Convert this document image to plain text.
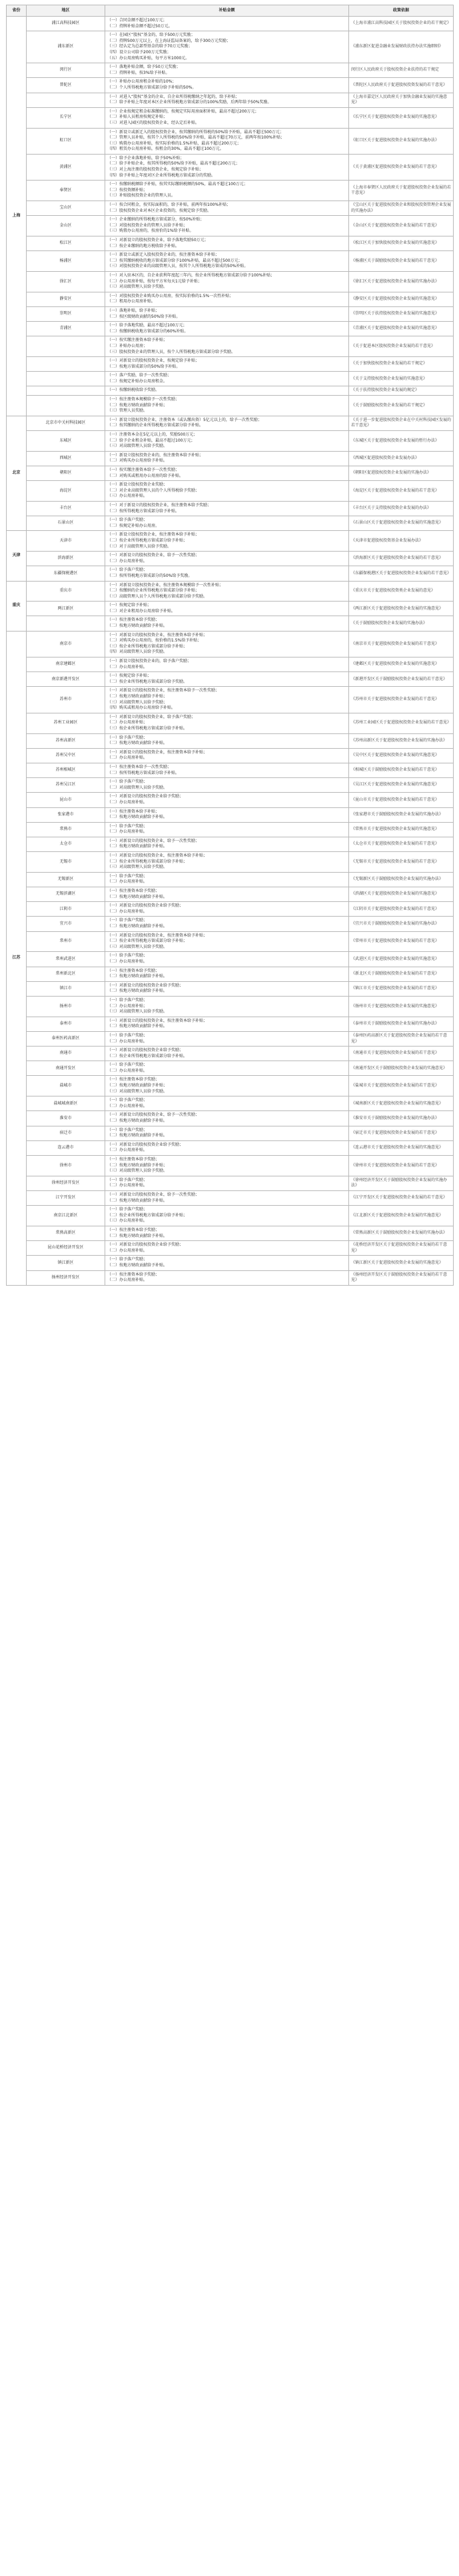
省份	地区	补贴金额	政策依据
上海	浦江高科技园区	（一）合同金额不超过100万元；
（二）持牌补贴金额不超过50万元。	《上海市浦江高科技园区关于股权投资企业的若干规定》
	浦东新区	（一）在园区“股权”基金的，给予500万元奖励；
（二）持牌500万元以上，在上海证监局备案的，给予300万元奖励；
（三）经认定为总部型基金的给予70万元奖励；
（四）设立公司给予200万元奖励；
（五）办公用房购买补贴，每平方米1000元。	《浦东新区促进金融业发展财政扶持办法实施细则》
	闵行区	（一）落地补贴金额，给予50万元奖励；
（二）持牌补贴，按3%给予补贴。	闵行区人民政府关于股权投资企业扶持的若干规定
	普陀区	（一）补贴办公用房租金补贴的10%；
（二）个人所得税地方留成部分给予补贴的50%。	《普陀区人民政府关于促进股权投资发展的若干意见》

		（一）对进入“股权”基金的企业，自企业所得税缴纳之年起的，给予补贴；
（二）给予补贴上年度对本区企业所得税地方留成部分的100%奖励，后两年给予50%奖励。	《上海市嘉定区人民政府关于加快金融业发展的实施意见》
	长宁区	（一）企业按规定租金标准缴纳的，按规定实际用房面积补贴，最高不超过200万元；
（二）补贴人员租房按规定补贴；
（三）对进入园区的股权投资企业，经认定后补贴。	《长宁区关于促进股权投资企业发展的实施意见》
	虹口区	（一）新设立或新迁入的股权投资企业，按其缴纳的所得税的50%给予补贴，最高不超过500万元；
（二）管理人员补贴，按其个人所得税的50%给予补贴，最高不超过70万元，前两年按100%补贴；
（三）购置办公用房补贴，按实际价格的1.5%补贴，最高不超过200万元；
（四）租赁办公用房补贴，按租金的30%，最高不超过100万元。	《虹口区关于促进股权投资企业发展的实施办法》
	黄浦区	（一）给予企业落地补贴，给予50%补贴；
（二）给予补贴企业，按其所得税的50%给予补贴，最高不超过200万元；
（三）对上海注册的股权投资企业，按规定给予补贴；
（四）给予补贴上年度对区企业所得税地方留成部分的奖励。	《关于黄浦区促进股权投资企业发展的若干意见》
	奉贤区	（一）按缴纳税额给予补贴，按其实际缴纳税额的50%，最高不超过100万元；
（二）按投资额补贴；
（三）补贴股权投资企业的管理人员。	《上海市奉贤区人民政府关于促进股权投资企业发展的若干意见》
	宝山区	（一）按合同租金，按实际面积的，给予补贴，前两年按100%补贴；
（二）股权投资企业对本区企业投资的，按规定给予奖励。	《宝山区关于促进股权投资企业和股权投资管理企业发展的实施办法》
	金山区	（一）企业缴纳的所得税地方留成部分，按50%补贴；
（二）对股权投资企业的管理人员给予补贴；
（三）购置办公用房的，按房价的1%给予补贴。	《金山区关于促进股权投资企业发展的若干意见》
	松江区	（一）对新设立的股权投资企业，给予落地奖励50万元；
（二）按企业缴纳的地方税收给予补贴。	《松江区关于加快股权投资企业发展的实施意见》
	杨浦区	（一）新设立或新迁入股权投资企业的，按注册资本给予补贴；
（二）按其缴纳税收的地方留成部分给予100%补贴，最高不超过500万元；
（三）对股权投资企业的高级管理人员，按其个人所得税地方留成的50%补贴。	《杨浦区关于鼓励股权投资企业发展的若干意见》
	徐汇区	（一）对入驻本区的，自企业获利年度起三年内，按企业所得税地方留成部分给予100%补贴；
（二）办公用房补贴，按每平方米每天1元给予补贴；
（三）对高级管理人员给予奖励。	《徐汇区关于促进股权投资企业发展的实施办法》
	静安区	（一）对股权投资企业购买办公用房，按实际价格的1.5%一次性补贴；
（二）租用办公用房补贴。	《静安区关于促进股权投资企业发展的实施意见》
	崇明区	（一）落地补贴，给予补贴；
（二）按区级财政贡献的50%给予补贴。	《崇明区关于扶持股权投资企业发展的实施意见》
	青浦区	（一）给予落地奖励，最高不超过100万元；
（二）按缴纳税收地方留成部分的60%补贴。	《青浦区关于促进股权投资企业发展的实施意见》

		（一）按实缴注册资本给予补贴；
（二）补贴办公用房；
（三）股权投资企业的管理人员，按个人所得税地方留成部分给予奖励。	《关于促进本区股权投资企业发展的若干意见》

		（一）对新设立的股权投资企业，按规定给予补贴；
（二）按地方留成部分的50%给予补贴。	《关于加快股权投资企业发展的若干规定》

		（一）落户奖励，给予一次性奖励；
（二）按规定补贴办公用房租金。	《关于支持股权投资企业发展的实施意见》

		（一）按缴纳税收给予奖励。	《关于扶持股权投资企业发展的规定》

		（一）按注册资本规模给予一次性奖励；
（二）按地方财政贡献给予补贴；
（三）管理人员奖励。	《关于鼓励股权投资企业发展的若干规定》
北京	北京市中关村科技园区	（一）新设立股权投资企业，注册资本（或认缴出资）5亿元以上的，给予一次性奖励；
（二）按其缴纳的企业所得税地方留成部分给予补贴。	《关于进一步促进股权投资企业在中关村科技园区发展的若干意见》
	东城区	（一）注册资本金在5亿元以上的，奖励500万元；
（二）给予企业租金补贴，最高不超过100万元；
（三）对高级管理人员给予奖励。	《东城区关于促进股权投资企业发展的暂行办法》
	西城区	（一）新设立股权投资企业的，按注册资本给予补贴；
（二）对购买办公用房给予补贴。	《西城区促进股权投资企业发展办法》
	朝阳区	（一）按实缴注册资本给予一次性奖励；
（二）对购买或租用办公用房的给予补贴。	《朝阳区促进股权投资企业发展的实施办法》
	海淀区	（一）新设立股权投资企业奖励；
（二）对企业高级管理人员的个人所得税给予奖励；
（三）办公用房补贴。	《海淀区关于促进股权投资企业发展的若干意见》
	丰台区	（一）对于新设立的股权投资企业，按注册资本给予奖励；
（二）按所得税地方留成部分给予补贴。	《丰台区关于支持股权投资企业发展的办法》
	石景山区	（一）给予落户奖励；
（二）按规定补贴办公用房。	《石景山区关于促进股权投资企业发展的实施意见》
天津	天津市	（一）新设立股权投资企业，按注册资本给予补贴；
（二）按企业所得税地方留成部分给予补贴；
（三）对于高级管理人员给予奖励。	《天津市促进股权投资基金业发展办法》
	滨海新区	（一）对新设立的股权投资企业，给予一次性奖励；
（二）办公用房补贴。	《滨海新区关于促进股权投资企业发展的若干意见》
	东疆保税港区	（一）给予落户奖励；
（二）按所得税地方留成部分的50%给予奖励。	《东疆保税港区关于促进股权投资企业发展的若干意见》
重庆	重庆市	（一）对新设立股权投资企业，按注册资本规模给予一次性补贴；
（二）按缴纳的企业所得税地方留成部分给予补贴；
（三）高级管理人员个人所得税地方留成部分给予奖励。	《重庆市关于促进股权投资类企业发展的意见》
	两江新区	（一）按规定给予补贴；
（二）对企业租用办公用房给予补贴。	《两江新区关于促进股权投资企业发展的实施意见》

		（一）按注册资本给予奖励；
（二）按地方财政贡献给予补贴。	《关于鼓励股权投资企业发展的实施办法》
江苏	南京市	（一）对新设立的股权投资企业，按注册资本给予补贴；
（二）对购买办公用房的，按价格的1.5%给予补贴；
（三）按企业所得税地方留成部分给予补贴；
（四）对高级管理人员给予奖励。	《南京市关于促进股权投资企业发展的若干意见》
	南京建邺区	（一）新设立股权投资企业的，给予落户奖励；
（二）办公用房补贴。	《建邺区关于促进股权投资企业发展的实施意见》
	南京新港开发区	（一）按规定给予补贴；
（二）按企业所得税地方留成部分给予奖励。	《新港开发区关于鼓励股权投资企业发展的若干意见》
	苏州市	（一）对新设立的股权投资企业，按注册资本给予一次性奖励；
（二）按地方财政贡献给予补贴；
（三）对高级管理人员给予奖励；
（四）购买或租用办公用房给予补贴。	《苏州市关于促进股权投资企业发展的若干意见》
	苏州工业园区	（一）对新设立的股权投资企业，给予落户奖励；
（二）办公用房补贴；
（三）按企业所得税地方留成部分给予补贴。	《苏州工业园区关于促进股权投资企业发展的若干意见》
	苏州高新区	（一）给予落户奖励；
（二）按地方财政贡献给予补贴。	《苏州高新区关于促进股权投资企业发展的实施办法》
	苏州吴中区	（一）对新设立的股权投资企业，按注册资本给予补贴；
（二）办公用房补贴。	《吴中区关于促进股权投资企业发展的实施意见》
	苏州相城区	（一）按注册资本给予一次性奖励；
（二）按所得税地方留成部分给予补贴。	《相城区关于鼓励股权投资企业发展的若干意见》
	苏州吴江区	（一）给予落户奖励；
（二）对高级管理人员给予奖励。	《吴江区关于促进股权投资企业发展的实施意见》
	昆山市	（一）对新设立的股权投资企业给予奖励；
（二）办公用房补贴。	《昆山市关于促进股权投资企业发展的若干意见》
	张家港市	（一）按注册资本给予补贴；
（二）按地方财政贡献给予补贴。	《张家港市关于鼓励股权投资企业发展的实施办法》
	常熟市	（一）给予落户奖励；
（二）办公用房补贴。	《常熟市关于促进股权投资企业发展的实施意见》
	太仓市	（一）对新设立的股权投资企业，给予一次性奖励；
（二）按地方财政贡献给予补贴。	《太仓市关于促进股权投资企业发展的若干意见》
	无锡市	（一）对新设立的股权投资企业，按注册资本给予补贴；
（二）按企业所得税地方留成部分给予补贴；
（三）对高级管理人员给予奖励。	《无锡市关于促进股权投资企业发展的若干意见》
	无锡新区	（一）给予落户奖励；
（二）办公用房补贴。	《无锡新区关于鼓励股权投资企业发展的实施办法》
	无锡滨湖区	（一）按注册资本给予奖励；
（二）按地方财政贡献给予补贴。	《滨湖区关于促进股权投资企业发展的实施意见》
	江阴市	（一）对新设立的股权投资企业给予奖励；
（二）办公用房补贴。	《江阴市关于促进股权投资企业发展的若干意见》
	宜兴市	（一）给予落户奖励；
（二）按地方财政贡献给予补贴。	《宜兴市关于鼓励股权投资企业发展的实施办法》
	常州市	（一）对新设立的股权投资企业，按注册资本给予补贴；
（二）按企业所得税地方留成部分给予补贴；
（三）对高级管理人员给予奖励。	《常州市关于促进股权投资企业发展的若干意见》
	常州武进区	（一）给予落户奖励；
（二）办公用房补贴。	《武进区关于促进股权投资企业发展的实施意见》
	常州新北区	（一）按注册资本给予奖励；
（二）按地方财政贡献给予补贴。	《新北区关于鼓励股权投资企业发展的若干意见》
	镇江市	（一）对新设立的股权投资企业给予奖励；
（二）按地方财政贡献给予补贴。	《镇江市关于促进股权投资企业发展的若干意见》
	扬州市	（一）给予落户奖励；
（二）办公用房补贴；
（三）对高级管理人员给予奖励。	《扬州市关于促进股权投资企业发展的实施意见》
	泰州市	（一）对新设立的股权投资企业，按注册资本给予补贴；
（二）按地方财政贡献给予补贴。	《泰州市关于鼓励股权投资企业发展的实施办法》
	泰州医药高新区	（一）给予落户奖励；
（二）办公用房补贴。	《泰州医药高新区关于促进股权投资企业发展的若干意见》
	南通市	（一）对新设立的股权投资企业给予奖励；
（二）按企业所得税地方留成部分给予补贴。	《南通市关于促进股权投资企业发展的若干意见》
	南通开发区	（一）给予落户奖励；
（二）办公用房补贴。	《南通开发区关于鼓励股权投资企业发展的实施意见》
	盐城市	（一）按注册资本给予奖励；
（二）按地方财政贡献给予补贴；
（三）对高级管理人员给予奖励。	《盐城市关于促进股权投资企业发展的若干意见》
	盐城城南新区	（一）给予落户奖励；
（二）办公用房补贴。	《城南新区关于促进股权投资企业发展的实施意见》
	淮安市	（一）对新设立的股权投资企业，给予一次性奖励；
（二）按地方财政贡献给予补贴。	《淮安市关于鼓励股权投资企业发展的实施办法》
	宿迁市	（一）给予落户奖励；
（二）按地方财政贡献给予补贴。	《宿迁市关于促进股权投资企业发展的若干意见》
	连云港市	（一）对新设立的股权投资企业给予奖励；
（二）办公用房补贴。	《连云港市关于促进股权投资企业发展的实施意见》
	徐州市	（一）按注册资本给予奖励；
（二）按地方财政贡献给予补贴；
（三）对高级管理人员给予奖励。	《徐州市关于促进股权投资企业发展的若干意见》
	徐州经济开发区	（一）给予落户奖励；
（二）办公用房补贴。	《徐州经济开发区关于鼓励股权投资企业发展的实施办法》
	江宁开发区	（一）对新设立的股权投资企业，给予一次性奖励；
（二）按地方财政贡献给予补贴。	《江宁开发区关于促进股权投资企业发展的若干意见》
	南京江北新区	（一）给予落户奖励；
（二）按企业所得税地方留成部分给予补贴；
（三）办公用房补贴。	《江北新区关于促进股权投资企业发展的实施意见》
	常熟高新区	（一）按注册资本给予奖励；
（二）按地方财政贡献给予补贴。	《常熟高新区关于鼓励股权投资企业发展的实施办法》
	昆山花桥经济开发区	（一）对新设立的股权投资企业给予奖励；
（二）办公用房补贴。	《花桥经济开发区关于促进股权投资企业发展的若干意见》
	镇江新区	（一）给予落户奖励；
（二）按地方财政贡献给予补贴。	《镇江新区关于促进股权投资企业发展的实施意见》
	扬州经济开发区	（一）按注册资本给予奖励；
（二）办公用房补贴。	《扬州经济开发区关于鼓励股权投资企业发展的若干意见》
